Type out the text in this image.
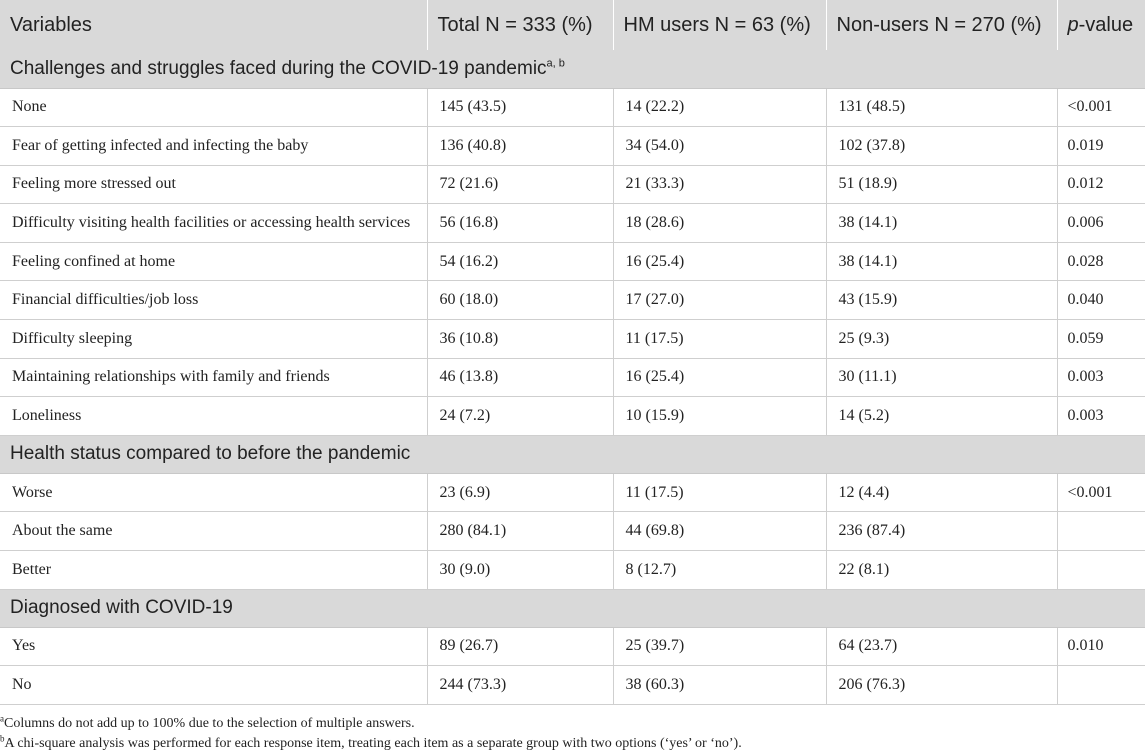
Variables	Total N = 333 (%)	HM users N = 63 (%)	Non-users N = 270 (%)	p-value
Challenges and struggles faced during the COVID-19 pandemic$^{a, b}$
None	145 (43.5)	14 (22.2)	131 (48.5)	<0.001
Fear of getting infected and infecting the baby	136 (40.8)	34 (54.0)	102 (37.8)	0.019
Feeling more stressed out	72 (21.6)	21 (33.3)	51 (18.9)	0.012
Difficulty visiting health facilities or accessing health services	56 (16.8)	18 (28.6)	38 (14.1)	0.006
Feeling confined at home	54 (16.2)	16 (25.4)	38 (14.1)	0.028
Financial difficulties/job loss	60 (18.0)	17 (27.0)	43 (15.9)	0.040
Difficulty sleeping	36 (10.8)	11 (17.5)	25 (9.3)	0.059
Maintaining relationships with family and friends	46 (13.8)	16 (25.4)	30 (11.1)	0.003
Loneliness	24 (7.2)	10 (15.9)	14 (5.2)	0.003
Health status compared to before the pandemic				
Worse	23 (6.9)	11 (17.5)	12 (4.4)	<0.001
About the same	280 (84.1)	44 (69.8)	236 (87.4)	
Better	30 (9.0)	8 (12.7)	22 (8.1)	
Diagnosed with COVID-19				
Yes	89 (26.7)	25 (39.7)	64 (23.7)	0.010
No	244 (73.3)	38 (60.3)	206 (76.3)	

$^a$Columns do not add up to 100% due to the selection of multiple answers.

$^b$A chi-square analysis was performed for each response item, treating each item as a separate group with two options (‘yes’ or ‘no’).
